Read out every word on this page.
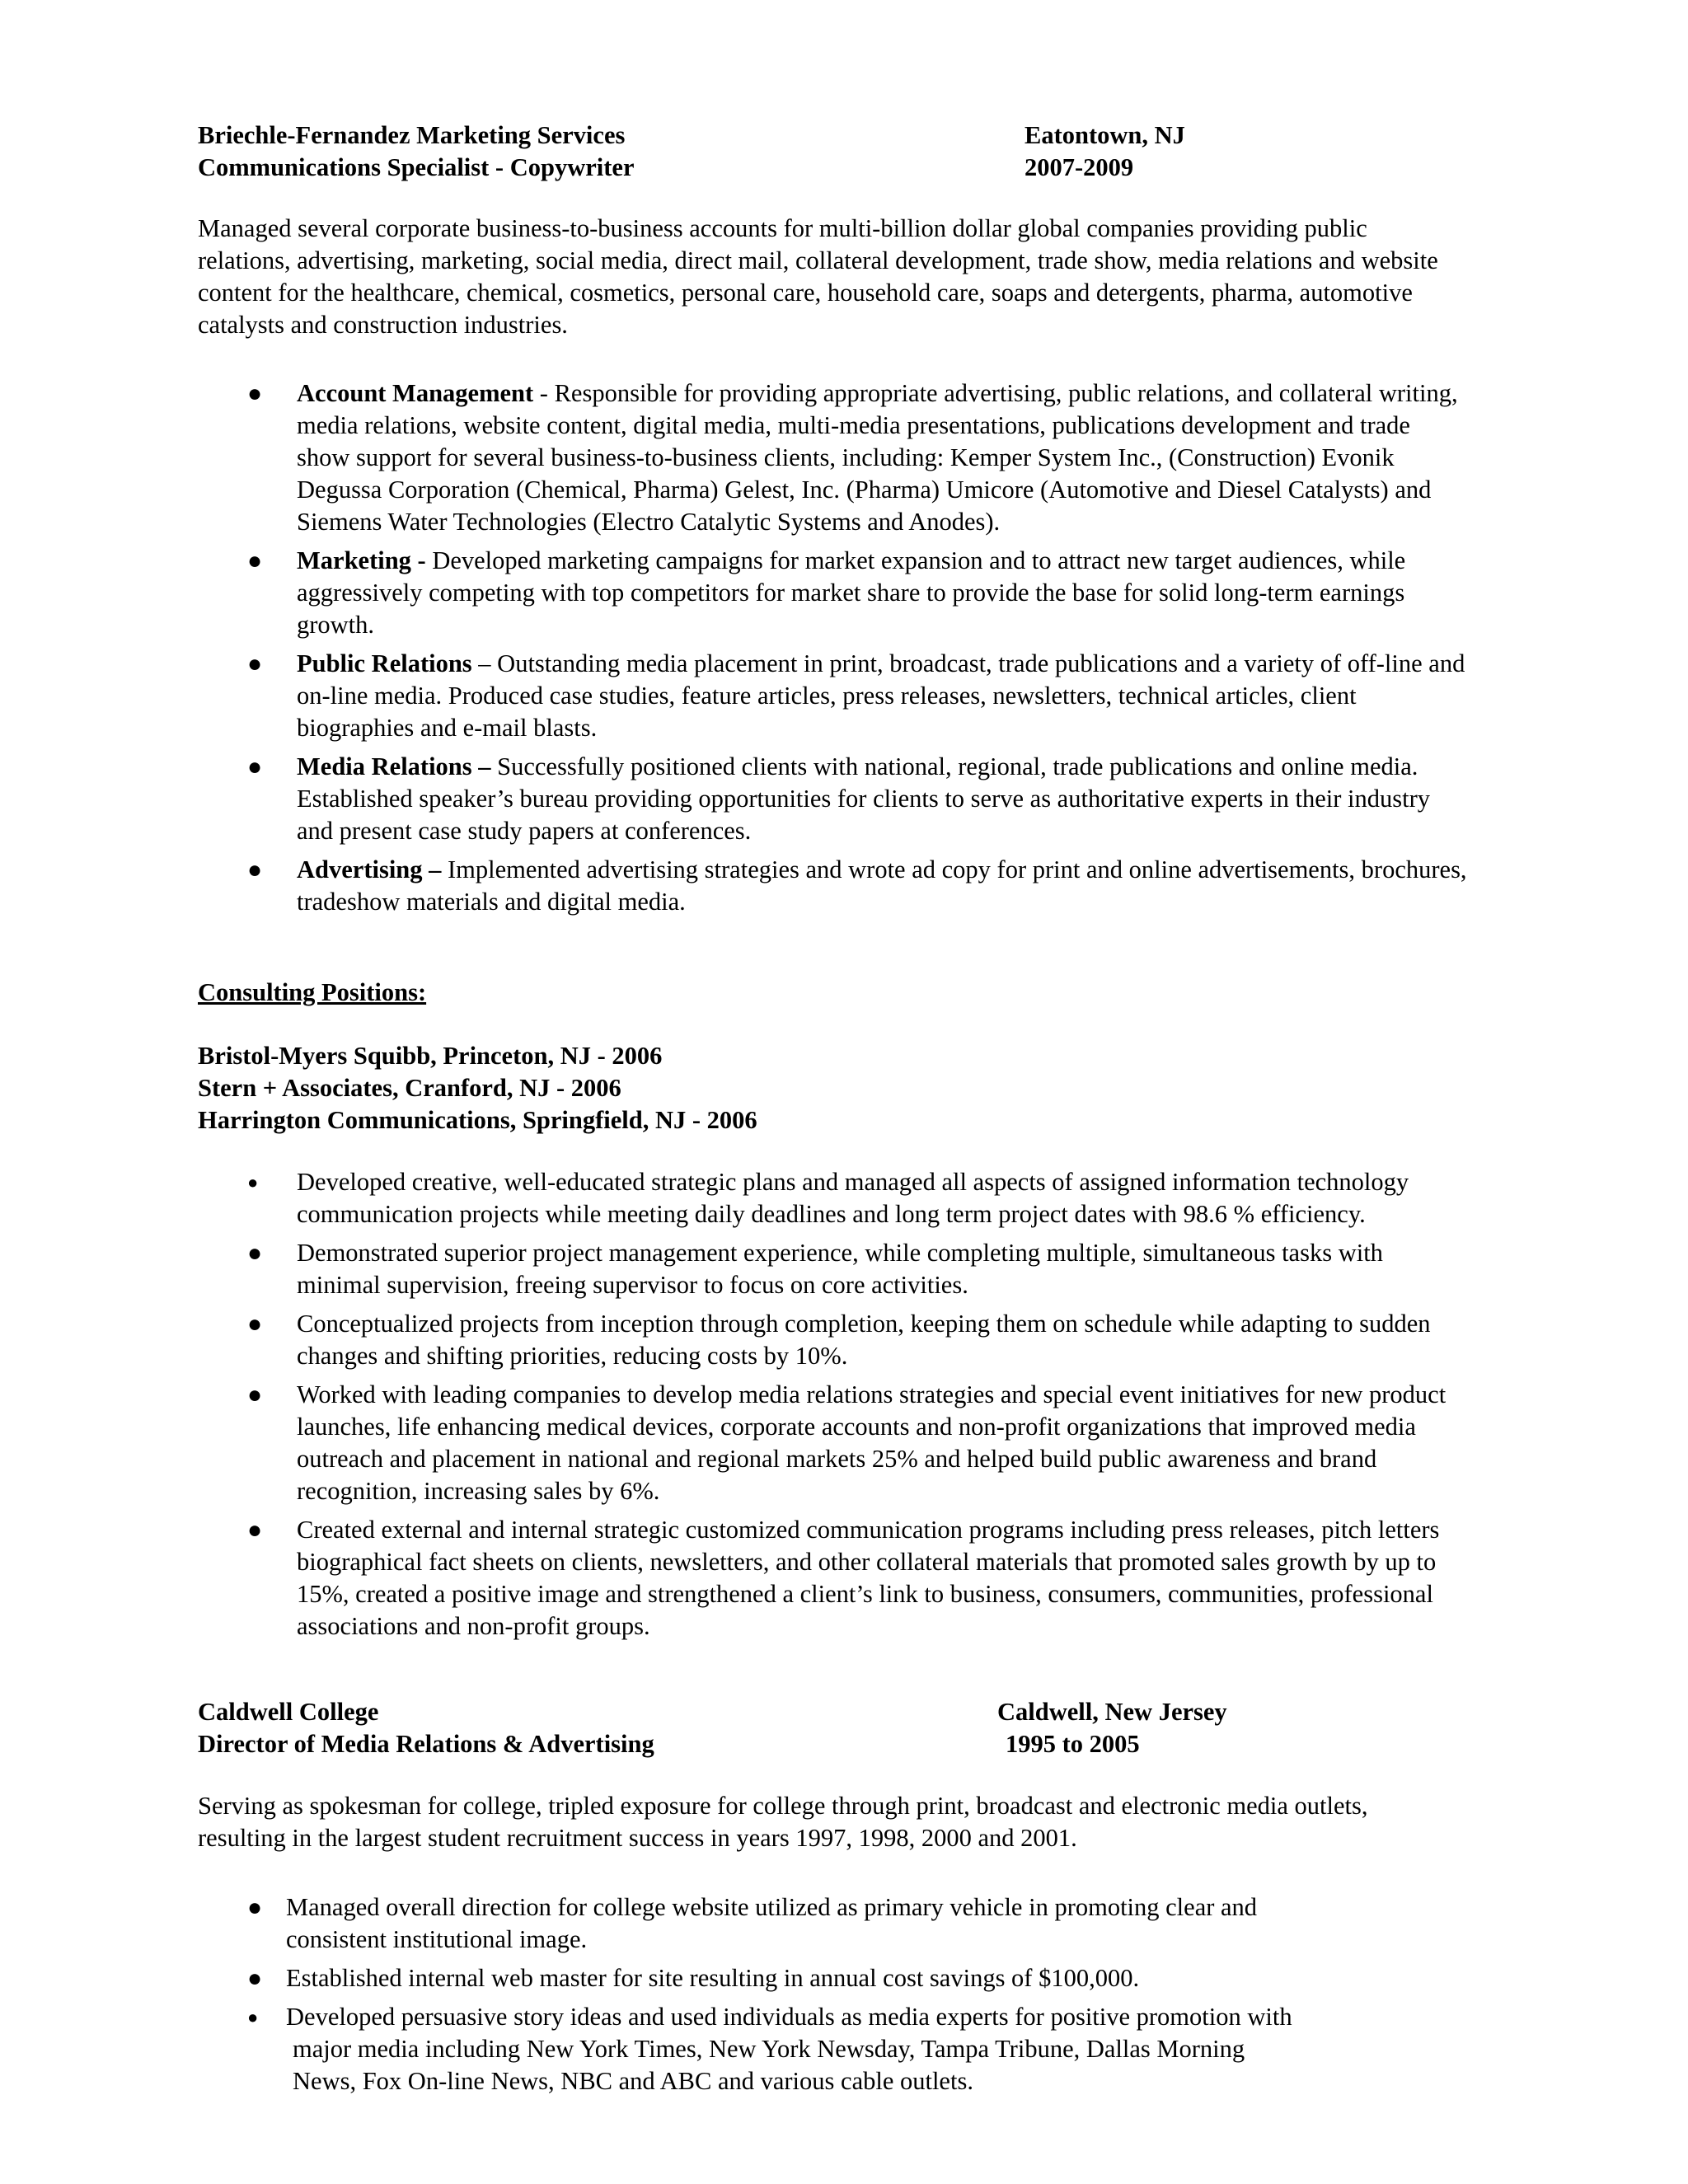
Briechle-Fernandez Marketing Services	Eatontown, NJ
Communications Specialist - Copywriter	2007-2009

Managed several corporate business-to-business accounts for multi-billion dollar global companies providing public relations, advertising, marketing, social media, direct mail, collateral development, trade show, media relations and website content for the healthcare, chemical, cosmetics, personal care, household care, soaps and detergents, pharma, automotive catalysts and construction industries.

● Account Management - Responsible for providing appropriate advertising, public relations, and collateral writing, media relations, website content, digital media, multi-media presentations, publications development and trade show support for several business-to-business clients, including: Kemper System Inc., (Construction) Evonik Degussa Corporation (Chemical, Pharma) Gelest, Inc. (Pharma) Umicore (Automotive and Diesel Catalysts) and Siemens Water Technologies (Electro Catalytic Systems and Anodes).
● Marketing - Developed marketing campaigns for market expansion and to attract new target audiences, while aggressively competing with top competitors for market share to provide the base for solid long-term earnings growth.
● Public Relations – Outstanding media placement in print, broadcast, trade publications and a variety of off-line and on-line media. Produced case studies, feature articles, press releases, newsletters, technical articles, client biographies and e-mail blasts.
● Media Relations – Successfully positioned clients with national, regional, trade publications and online media. Established speaker’s bureau providing opportunities for clients to serve as authoritative experts in their industry and present case study papers at conferences.
● Advertising – Implemented advertising strategies and wrote ad copy for print and online advertisements, brochures, tradeshow materials and digital media.
Consulting Positions:
Bristol-Myers Squibb, Princeton, NJ - 2006
Stern + Associates, Cranford, NJ - 2006
Harrington Communications, Springfield, NJ - 2006
● Developed creative, well-educated strategic plans and managed all aspects of assigned information technology communication projects while meeting daily deadlines and long term project dates with 98.6 % efficiency.
● Demonstrated superior project management experience, while completing multiple, simultaneous tasks with minimal supervision, freeing supervisor to focus on core activities.
● Conceptualized projects from inception through completion, keeping them on schedule while adapting to sudden changes and shifting priorities, reducing costs by 10%.
● Worked with leading companies to develop media relations strategies and special event initiatives for new product launches, life enhancing medical devices, corporate accounts and non-profit organizations that improved media outreach and placement in national and regional markets 25% and helped build public awareness and brand recognition, increasing sales by 6%.
● Created external and internal strategic customized communication programs including press releases, pitch letters biographical fact sheets on clients, newsletters, and other collateral materials that promoted sales growth by up to 15%, created a positive image and strengthened a client’s link to business, consumers, communities, professional associations and non-profit groups.
Caldwell College	Caldwell, New Jersey
Director of Media Relations & Advertising	1995 to 2005

Serving as spokesman for college, tripled exposure for college through print, broadcast and electronic media outlets, resulting in the largest student recruitment success in years 1997, 1998, 2000 and 2001.

● Managed overall direction for college website utilized as primary vehicle in promoting clear and
consistent institutional image.
● Established internal web master for site resulting in annual cost savings of $100,000.
● Developed persuasive story ideas and used individuals as media experts for positive promotion with
major media including New York Times, New York Newsday, Tampa Tribune, Dallas Morning
News, Fox On-line News, NBC and ABC and various cable outlets.
